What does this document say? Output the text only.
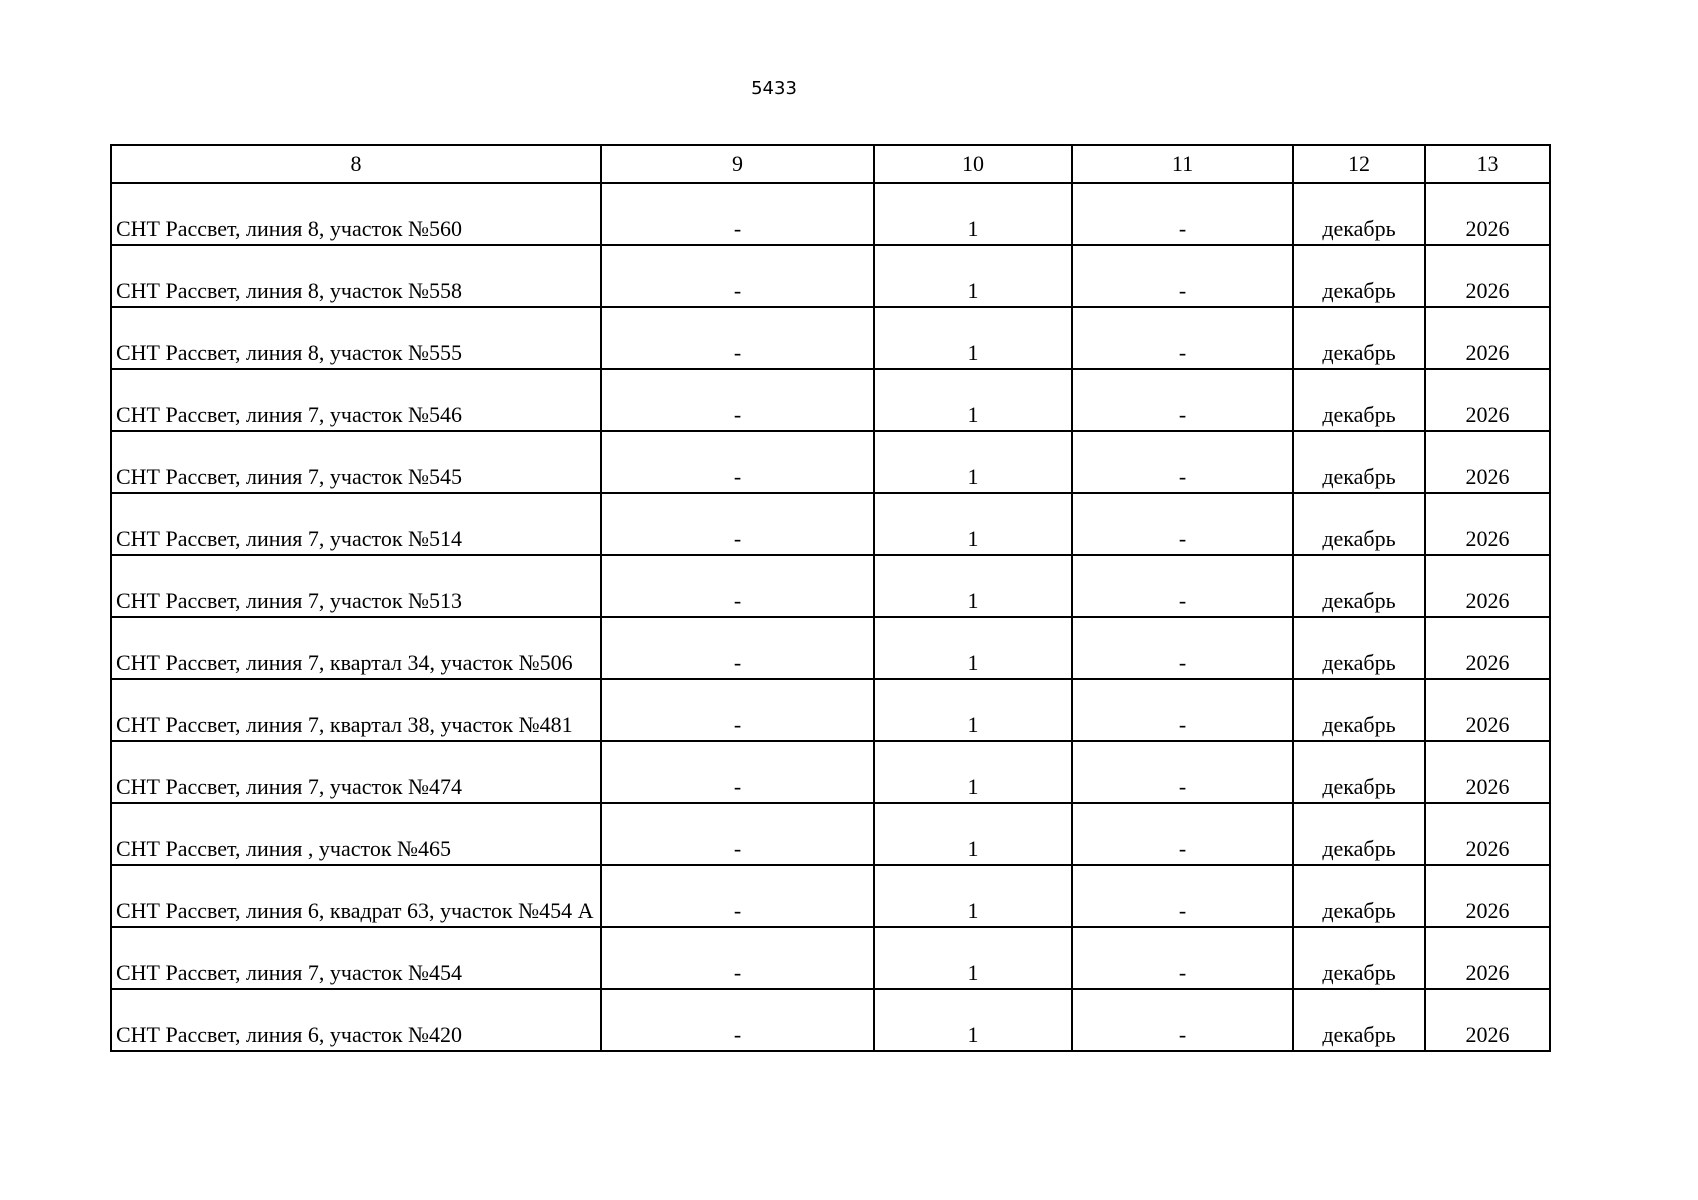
5433
8	9	10	11	12	13
СНТ Рассвет, линия 8, участок №560	-	1	-	декабрь	2026
СНТ Рассвет, линия 8, участок №558	-	1	-	декабрь	2026
СНТ Рассвет, линия 8, участок №555	-	1	-	декабрь	2026
СНТ Рассвет, линия 7, участок №546	-	1	-	декабрь	2026
СНТ Рассвет, линия 7, участок №545	-	1	-	декабрь	2026
СНТ Рассвет, линия 7, участок №514	-	1	-	декабрь	2026
СНТ Рассвет, линия 7, участок №513	-	1	-	декабрь	2026
СНТ Рассвет, линия 7, квартал 34, участок №506	-	1	-	декабрь	2026
СНТ Рассвет, линия 7, квартал 38, участок №481	-	1	-	декабрь	2026
СНТ Рассвет, линия 7, участок №474	-	1	-	декабрь	2026
СНТ Рассвет, линия , участок №465	-	1	-	декабрь	2026
СНТ Рассвет, линия 6, квадрат 63, участок №454 А	-	1	-	декабрь	2026
СНТ Рассвет, линия 7, участок №454	-	1	-	декабрь	2026
СНТ Рассвет, линия 6, участок №420	-	1	-	декабрь	2026
